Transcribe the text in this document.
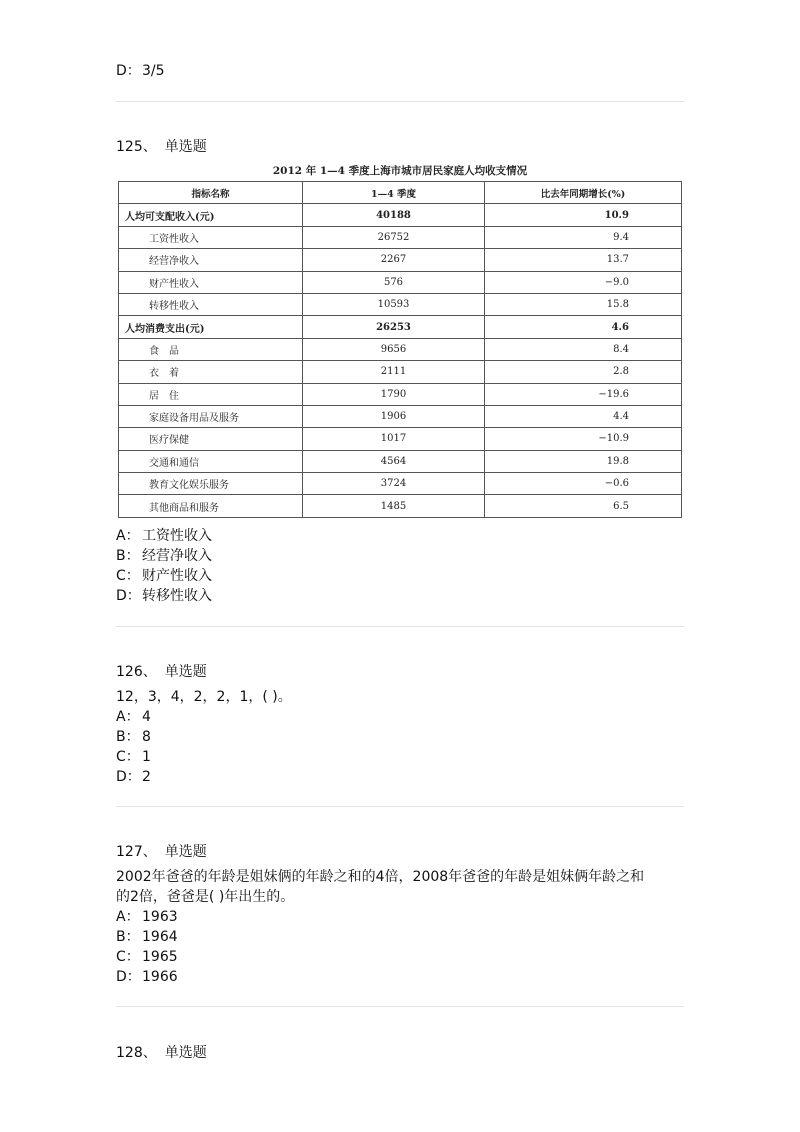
D：3/5
125、 单选题
2012 年 1—4 季度上海市城市居民家庭人均收支情况
指标名称	1—4 季度	比去年同期增长(%)
人均可支配收入(元)	40188	10.9
工资性收入	26752	9.4
经营净收入	2267	13.7
财产性收入	576	−9.0
转移性收入	10593	15.8
人均消费支出(元)	26253	4.6
食　品	9656	8.4
衣　着	2111	2.8
居　住	1790	−19.6
家庭设备用品及服务	1906	4.4
医疗保健	1017	−10.9
交通和通信	4564	19.8
教育文化娱乐服务	3724	−0.6
其他商品和服务	1485	6.5
A： 工资性收入
B： 经营净收入
C： 财产性收入
D：转移性收入
126、 单选题
12，3，4，2，2，1，( )。
A： 4
B： 8
C： 1
D：2
127、 单选题
2002年爸爸的年龄是姐妹俩的年龄之和的4倍，2008年爸爸的年龄是姐妹俩年龄之和
的2倍，爸爸是( )年出生的。
A： 1963
B： 1964
C： 1965
D：1966
128、 单选题
